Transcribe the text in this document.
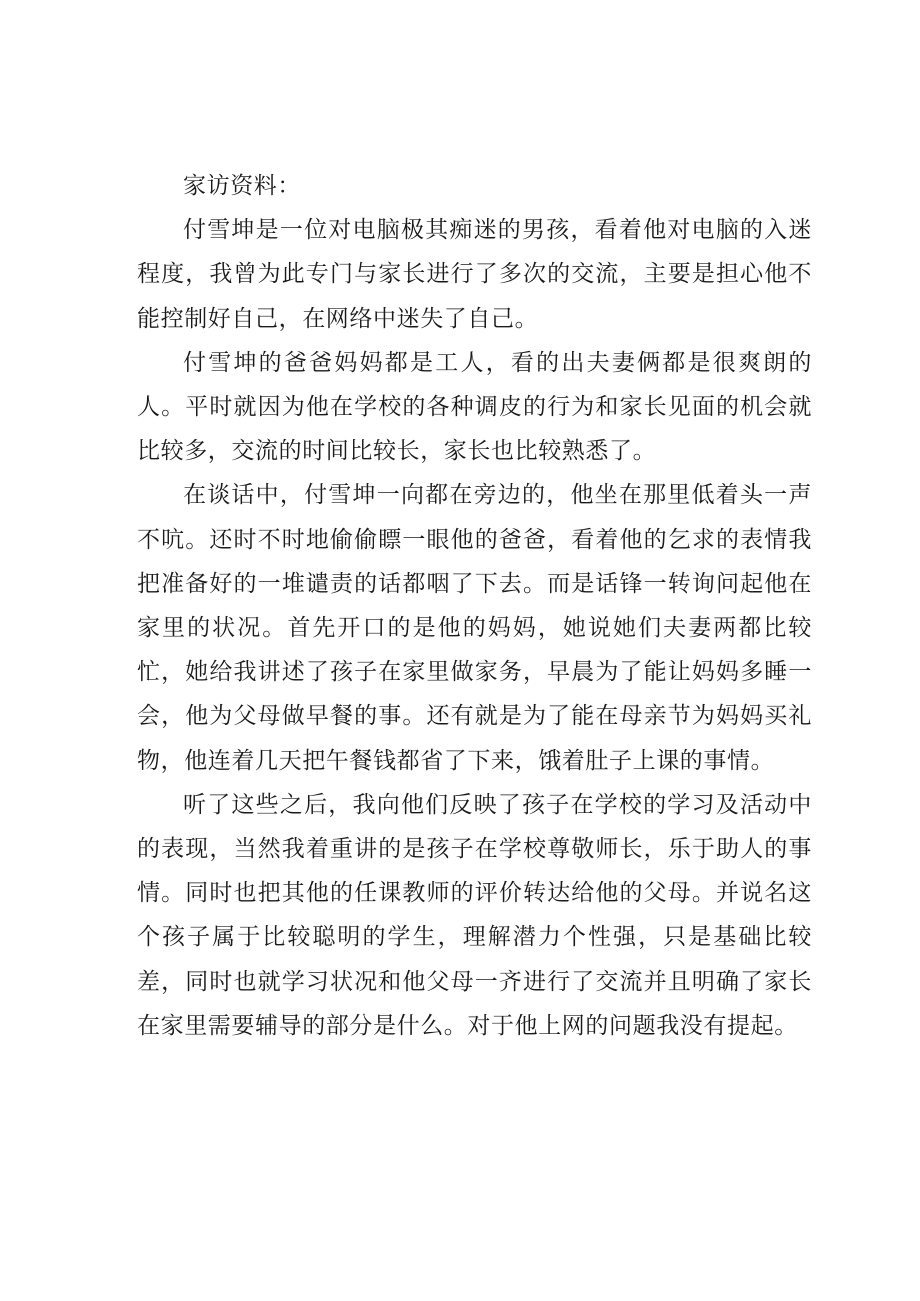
家访资料：

付雪坤是一位对电脑极其痴迷的男孩，看着他对电脑的入迷程度，我曾为此专门与家长进行了多次的交流，主要是担心他不能控制好自己，在网络中迷失了自己。

付雪坤的爸爸妈妈都是工人，看的出夫妻俩都是很爽朗的人。平时就因为他在学校的各种调皮的行为和家长见面的机会就比较多，交流的时间比较长，家长也比较熟悉了。

在谈话中，付雪坤一向都在旁边的，他坐在那里低着头一声不吭。还时不时地偷偷瞟一眼他的爸爸，看着他的乞求的表情我把准备好的一堆谴责的话都咽了下去。而是话锋一转询问起他在家里的状况。首先开口的是他的妈妈，她说她们夫妻两都比较忙，她给我讲述了孩子在家里做家务，早晨为了能让妈妈多睡一会，他为父母做早餐的事。还有就是为了能在母亲节为妈妈买礼物，他连着几天把午餐钱都省了下来，饿着肚子上课的事情。

听了这些之后，我向他们反映了孩子在学校的学习及活动中的表现，当然我着重讲的是孩子在学校尊敬师长，乐于助人的事情。同时也把其他的任课教师的评价转达给他的父母。并说名这个孩子属于比较聪明的学生，理解潜力个性强，只是基础比较差，同时也就学习状况和他父母一齐进行了交流并且明确了家长在家里需要辅导的部分是什么。对于他上网的问题我没有提起。
